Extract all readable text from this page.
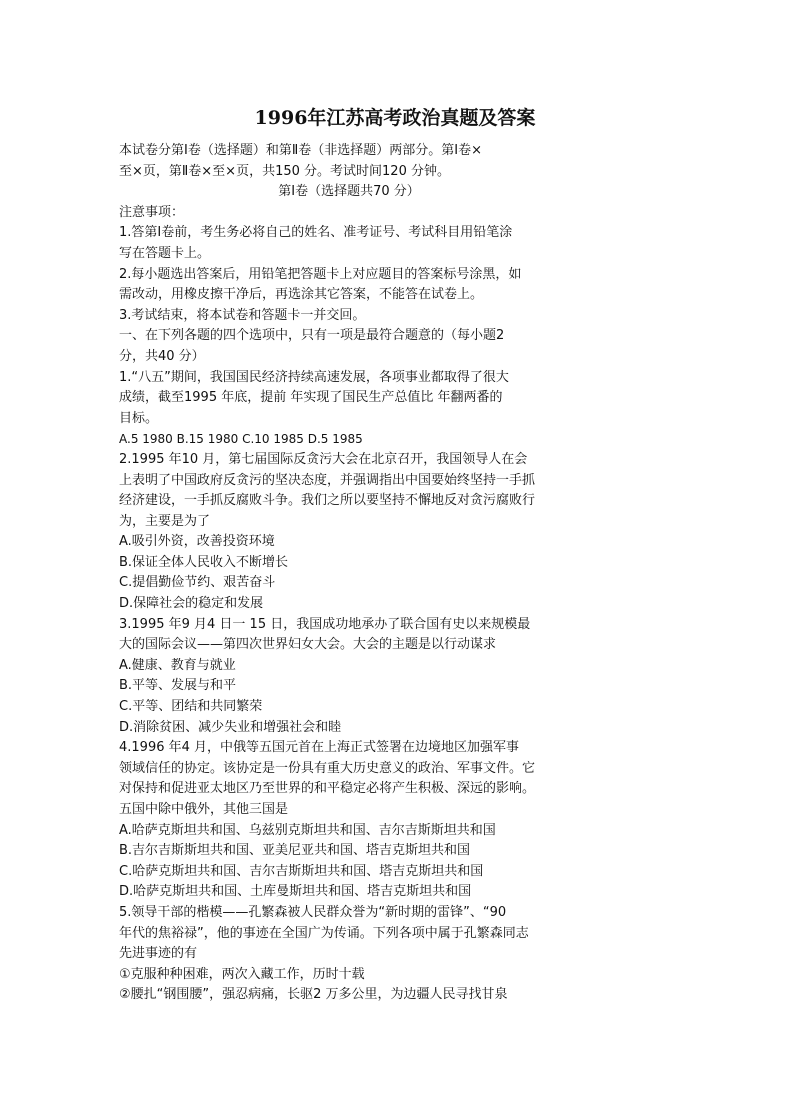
1996年江苏高考政治真题及答案
本试卷分第Ⅰ卷（选择题）和第Ⅱ卷（非选择题）两部分。第Ⅰ卷×
至×页，第Ⅱ卷×至×页，共150 分。考试时间120 分钟。
第Ⅰ卷（选择题共70 分）
注意事项：
1.答第Ⅰ卷前，考生务必将自己的姓名、准考证号、考试科目用铅笔涂
写在答题卡上。
2.每小题选出答案后，用铅笔把答题卡上对应题目的答案标号涂黑，如
需改动，用橡皮擦干净后，再选涂其它答案，不能答在试卷上。
3.考试结束，将本试卷和答题卡一并交回。
一、在下列各题的四个选项中，只有一项是最符合题意的（每小题2
分，共40 分）
1.“八五”期间，我国国民经济持续高速发展，各项事业都取得了很大
成绩，截至1995 年底，提前 年实现了国民生产总值比 年翻两番的
目标。
A.5 1980 B.15 1980 C.10 1985 D.5 1985
2.1995 年10 月，第七届国际反贪污大会在北京召开，我国领导人在会
上表明了中国政府反贪污的坚决态度，并强调指出中国要始终坚持一手抓
经济建设，一手抓反腐败斗争。我们之所以要坚持不懈地反对贪污腐败行
为，主要是为了
A.吸引外资，改善投资环境
B.保证全体人民收入不断增长
C.提倡勤俭节约、艰苦奋斗
D.保障社会的稳定和发展
3.1995 年9 月4 日一 15 日，我国成功地承办了联合国有史以来规模最
大的国际会议——第四次世界妇女大会。大会的主题是以行动谋求
A.健康、教育与就业
B.平等、发展与和平
C.平等、团结和共同繁荣
D.消除贫困、减少失业和增强社会和睦
4.1996 年4 月，中俄等五国元首在上海正式签署在边境地区加强军事
领域信任的协定。该协定是一份具有重大历史意义的政治、军事文件。它
对保持和促进亚太地区乃至世界的和平稳定必将产生积极、深远的影响。
五国中除中俄外，其他三国是
A.哈萨克斯坦共和国、乌兹别克斯坦共和国、吉尔吉斯斯坦共和国
B.吉尔吉斯斯坦共和国、亚美尼亚共和国、塔吉克斯坦共和国
C.哈萨克斯坦共和国、吉尔吉斯斯坦共和国、塔吉克斯坦共和国
D.哈萨克斯坦共和国、土库曼斯坦共和国、塔吉克斯坦共和国
5.领导干部的楷模——孔繁森被人民群众誉为“新时期的雷锋”、“90
年代的焦裕禄”，他的事迹在全国广为传诵。下列各项中属于孔繁森同志
先进事迹的有
①克服种种困难，两次入藏工作，历时十载
②腰扎“钢围腰”，强忍病痛，长驱2 万多公里，为边疆人民寻找甘泉
